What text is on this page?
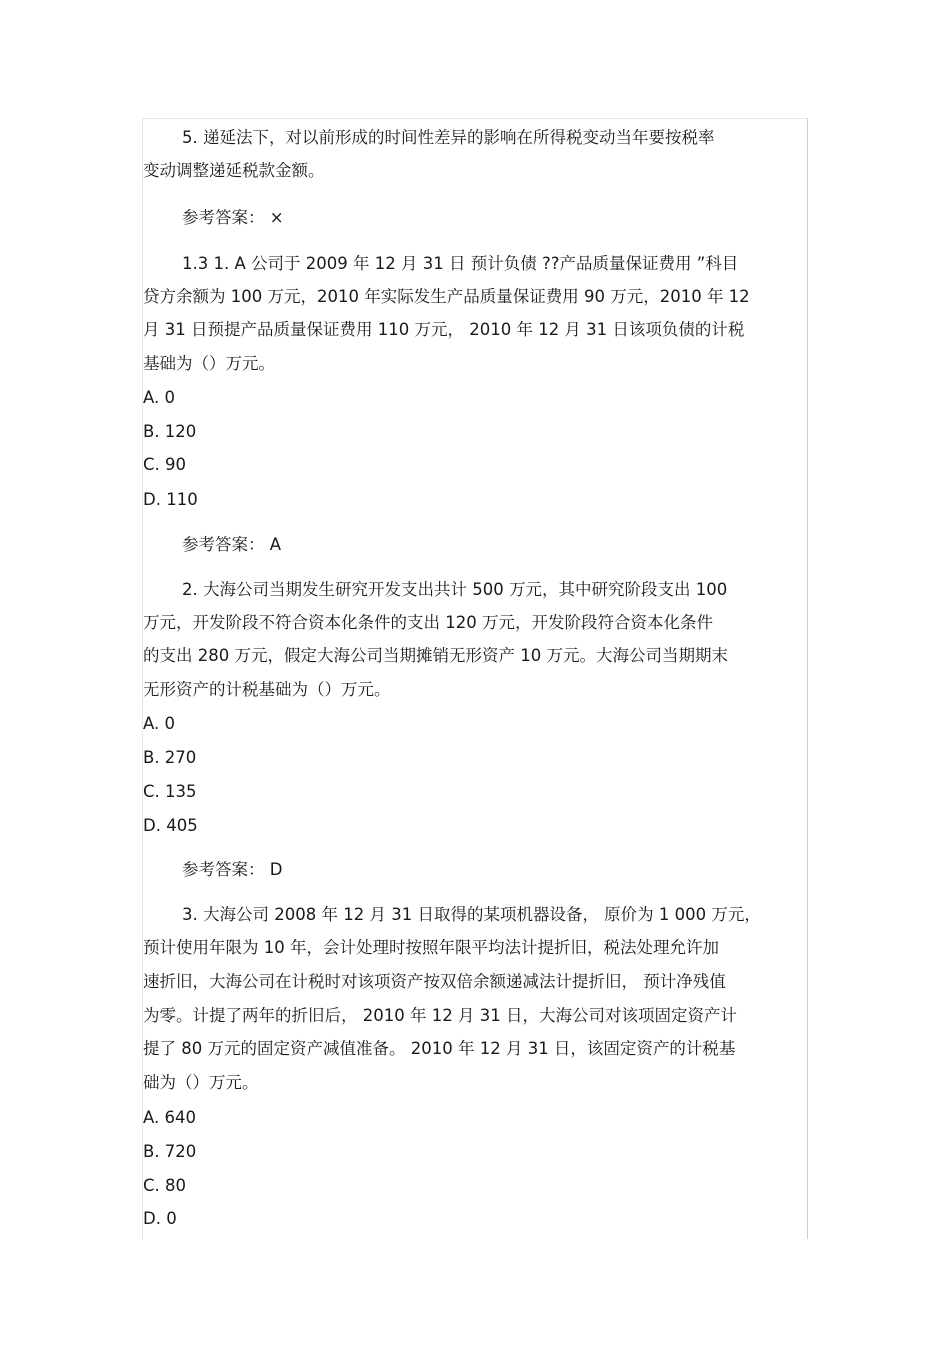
5. 递延法下，对以前形成的时间性差异的影响在所得税变动当年要按税率
变动调整递延税款金额。
参考答案： ×
1.3 1. A 公司于 2009 年 12 月 31 日 预计负债 ??产品质量保证费用 ”科目
贷方余额为 100 万元，2010 年实际发生产品质量保证费用 90 万元，2010 年 12
月 31 日预提产品质量保证费用 110 万元， 2010 年 12 月 31 日该项负债的计税
基础为（）万元。
A. 0
B. 120
C. 90
D. 110
参考答案： A
2. 大海公司当期发生研究开发支出共计 500 万元，其中研究阶段支出 100
万元，开发阶段不符合资本化条件的支出 120 万元，开发阶段符合资本化条件
的支出 280 万元，假定大海公司当期摊销无形资产 10 万元。大海公司当期期末
无形资产的计税基础为（）万元。
A. 0
B. 270
C. 135
D. 405
参考答案： D
3. 大海公司 2008 年 12 月 31 日取得的某项机器设备， 原价为 1 000 万元，
预计使用年限为 10 年，会计处理时按照年限平均法计提折旧，税法处理允许加
速折旧，大海公司在计税时对该项资产按双倍余额递减法计提折旧， 预计净残值
为零。计提了两年的折旧后， 2010 年 12 月 31 日，大海公司对该项固定资产计
提了 80 万元的固定资产减值准备。 2010 年 12 月 31 日，该固定资产的计税基
础为（）万元。
A. 640
B. 720
C. 80
D. 0
